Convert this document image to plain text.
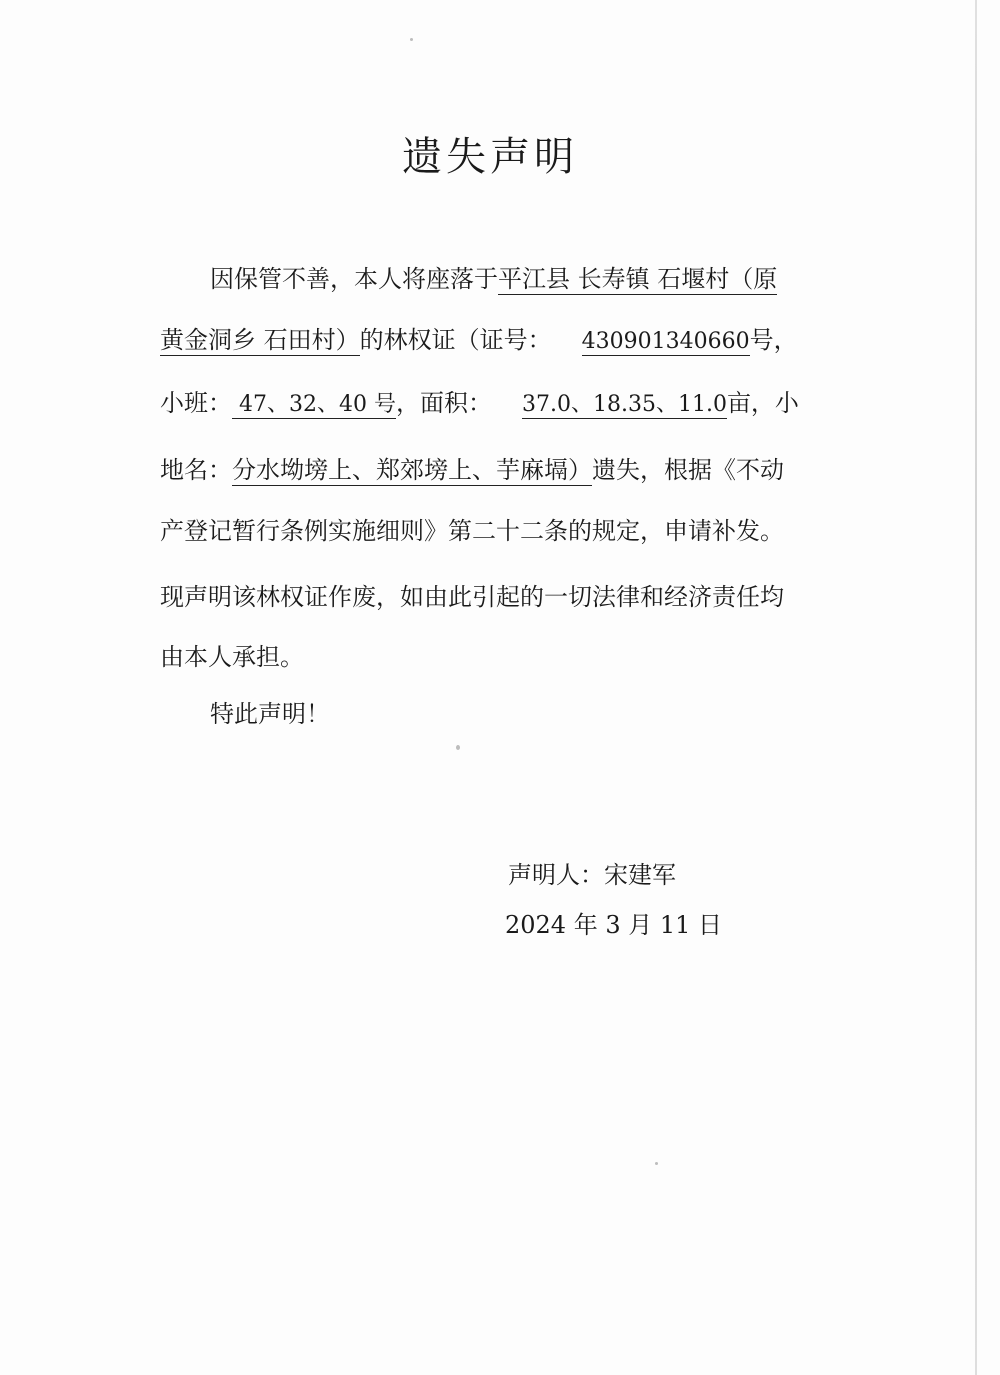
遗失声明
因保管不善，本人将座落于平江县 长寿镇 石堰村（原
黄金洞乡 石田村）的林权证（证号： 430901340660号，
小班： 47、32、40 号，面积： 37.0、18.35、11.0亩，小
地名：分水坳塝上、郑郊塝上、芋麻塥）遗失，根据《不动
产登记暂行条例实施细则》第二十二条的规定，申请补发。
现声明该林权证作废，如由此引起的一切法律和经济责任均
由本人承担。
特此声明！
声明人：宋建军
2024 年 3 月 11 日
